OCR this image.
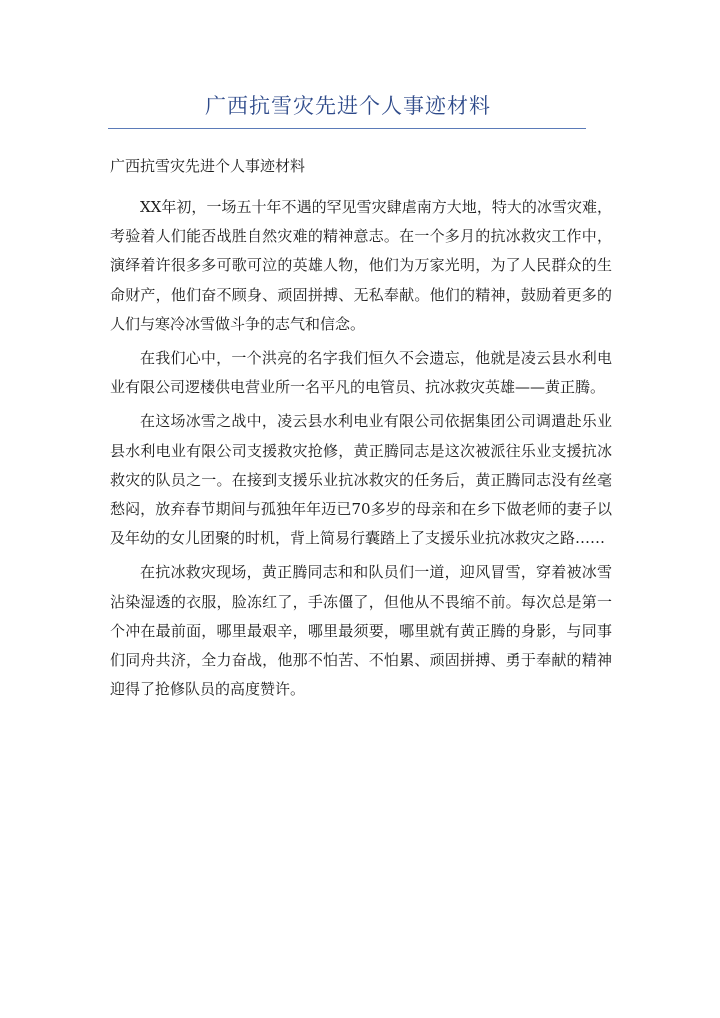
广西抗雪灾先进个人事迹材料

广西抗雪灾先进个人事迹材料

XX年初，一场五十年不遇的罕见雪灾肆虐南方大地，特大的冰雪灾难，考验着人们能否战胜自然灾难的精神意志。在一个多月的抗冰救灾工作中，演绎着许很多多可歌可泣的英雄人物，他们为万家光明，为了人民群众的生命财产，他们奋不顾身、顽固拼搏、无私奉献。他们的精神，鼓励着更多的人们与寒冷冰雪做斗争的志气和信念。

在我们心中，一个洪亮的名字我们恒久不会遗忘，他就是凌云县水利电业有限公司逻楼供电营业所一名平凡的电管员、抗冰救灾英雄——黄正腾。

在这场冰雪之战中，凌云县水利电业有限公司依据集团公司调遣赴乐业县水利电业有限公司支援救灾抢修，黄正腾同志是这次被派往乐业支援抗冰救灾的队员之一。在接到支援乐业抗冰救灾的任务后，黄正腾同志没有丝毫愁闷，放弃春节期间与孤独年年迈已70多岁的母亲和在乡下做老师的妻子以及年幼的女儿团聚的时机，背上简易行囊踏上了支援乐业抗冰救灾之路……

在抗冰救灾现场，黄正腾同志和和队员们一道，迎风冒雪，穿着被冰雪沾染湿透的衣服，脸冻红了，手冻僵了，但他从不畏缩不前。每次总是第一个冲在最前面，哪里最艰辛，哪里最须要，哪里就有黄正腾的身影，与同事们同舟共济，全力奋战，他那不怕苦、不怕累、顽固拼搏、勇于奉献的精神迎得了抢修队员的高度赞许。
